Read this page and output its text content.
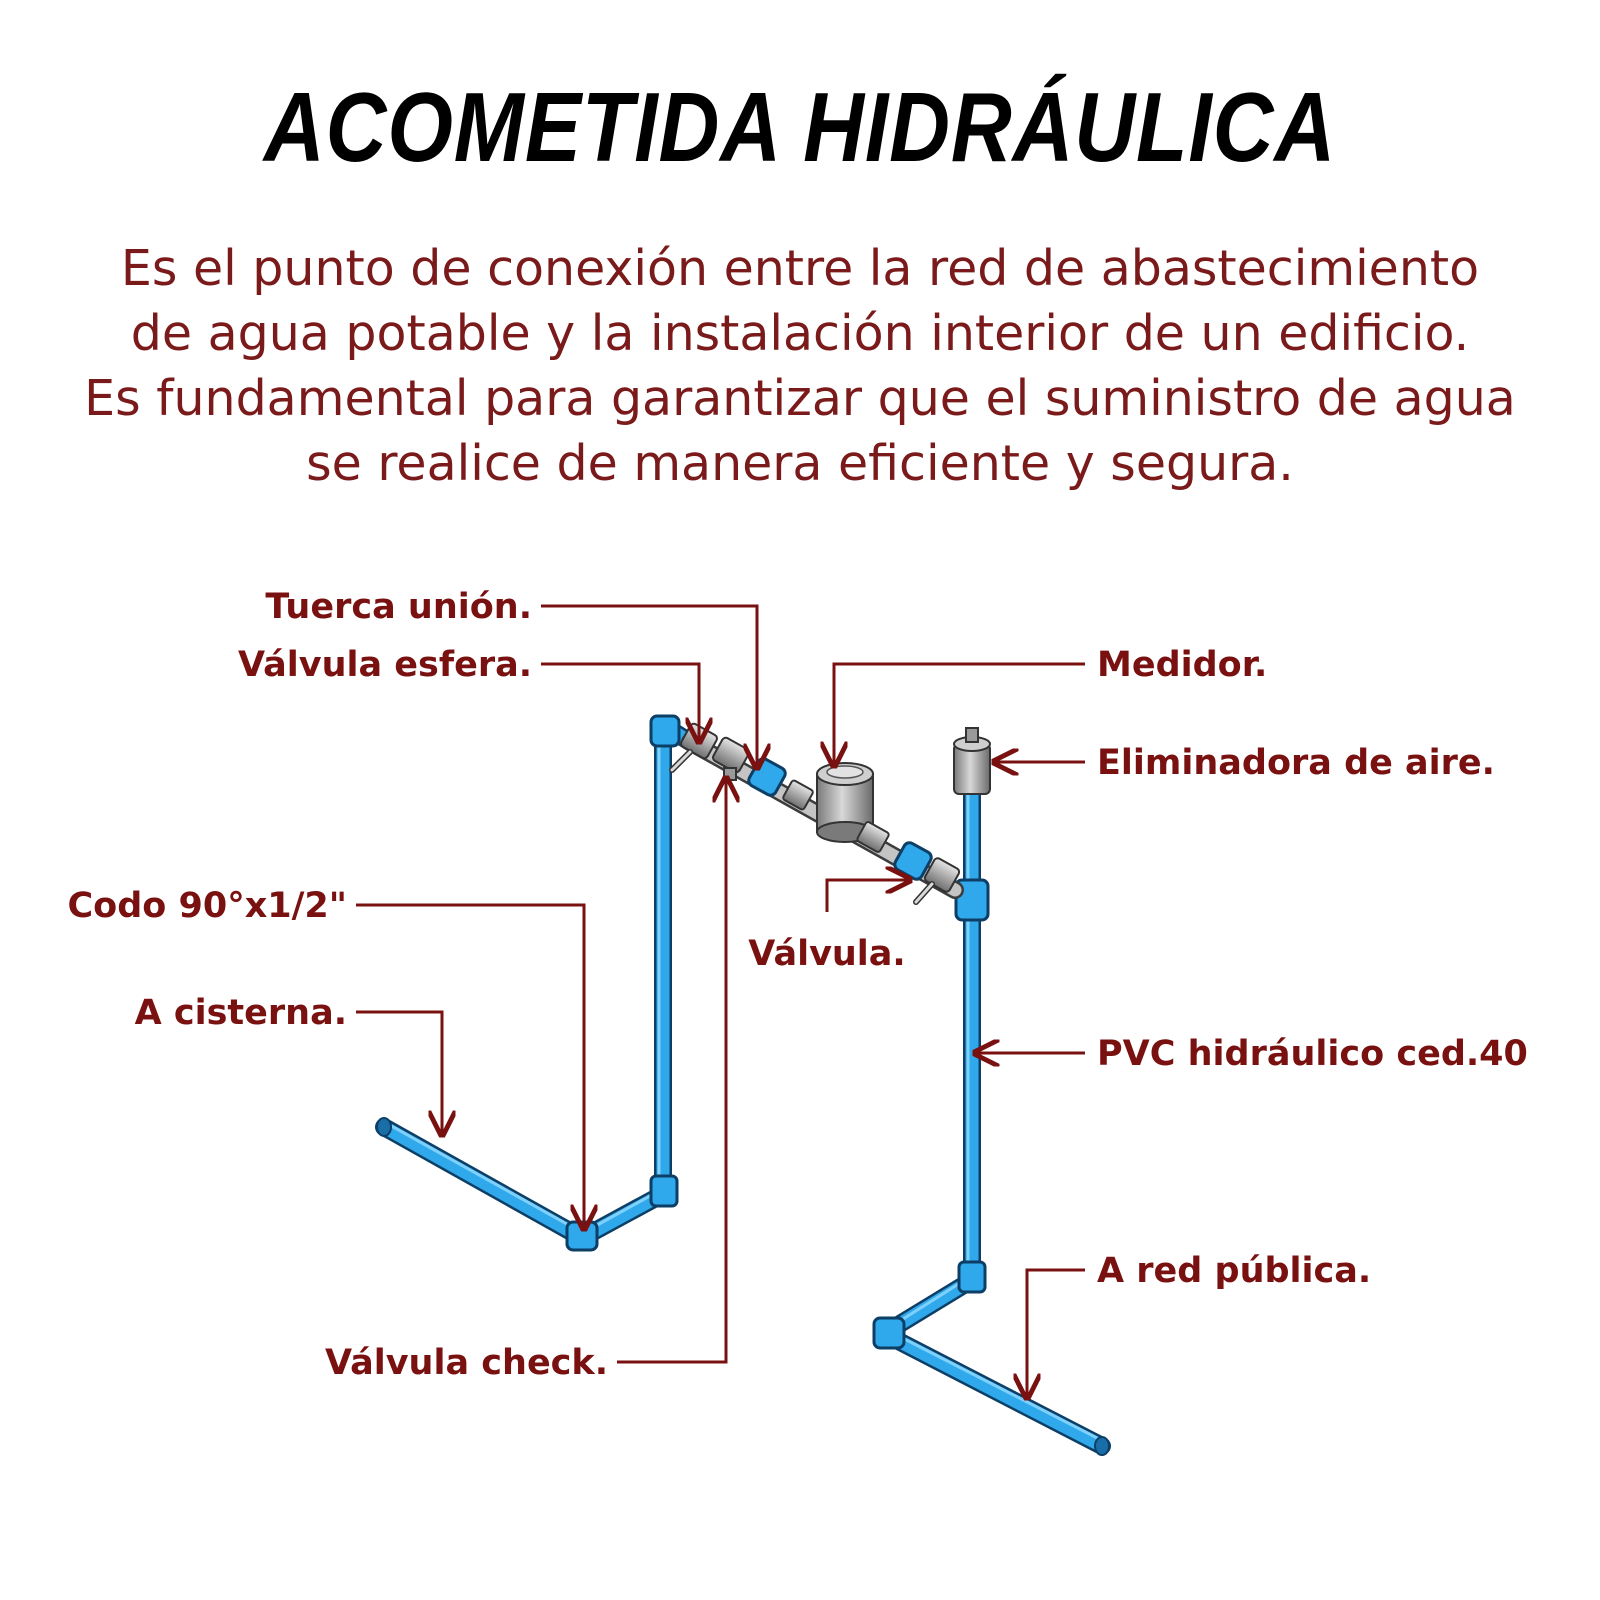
ACOMETIDA HIDRÁULICA

Es el punto de conexión entre la red de abastecimiento
de agua potable y la instalación interior de un edificio.
Es fundamental para garantizar que el suministro de agua
se realice de manera eficiente y segura.

Tuerca unión.
Válvula esfera.	Medidor.
Eliminadora de aire.
Codo 90°x1/2"
Válvula.
A cisterna.
PVC hidráulico ced.40
A red pública.
Válvula check.
